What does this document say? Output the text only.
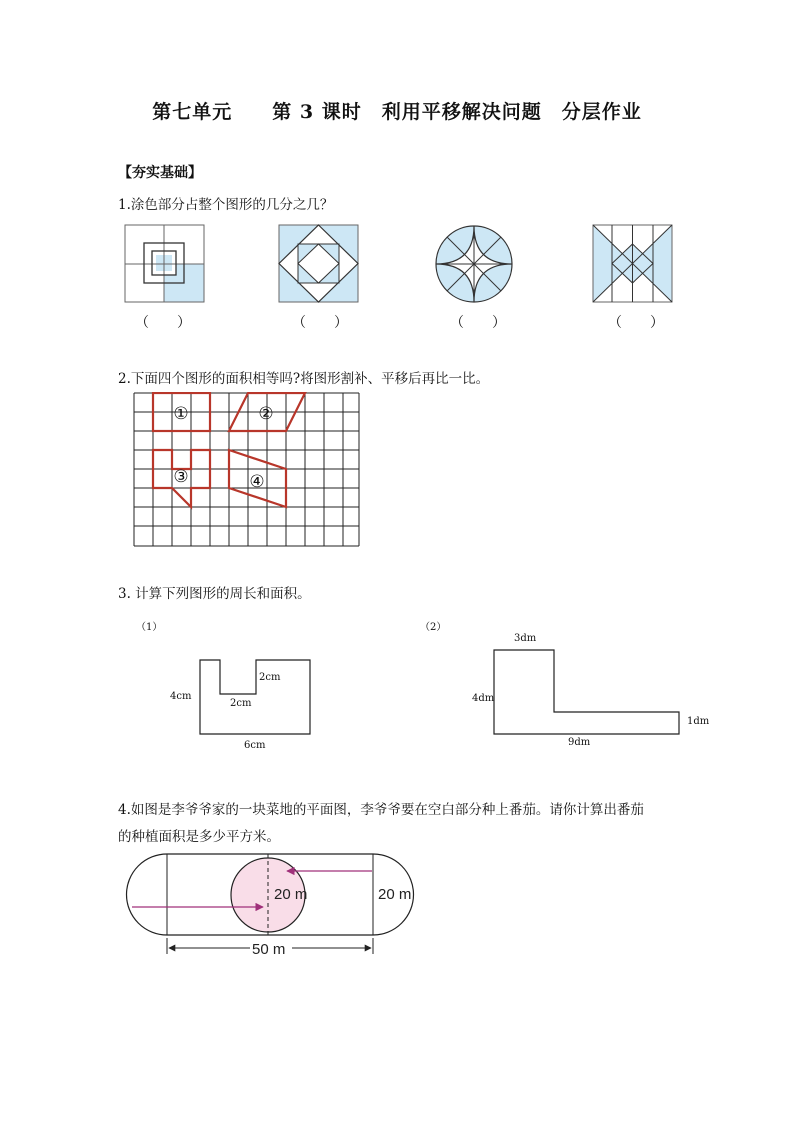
第七单元　　第 3 课时　利用平移解决问题　分层作业
【夯实基础】
1.涂色部分占整个图形的几分之几？
（　　）	（　　）	（　　）	（　　）
2.下面四个图形的面积相等吗?将图形割补、平移后再比一比。
①	②
③	④
3. 计算下列图形的周长和面积。
（1）	（2）
4cm
2cm
2cm
6cm
3dm
4dm
1dm
9dm
4.如图是李爷爷家的一块菜地的平面图，李爷爷要在空白部分种上番茄。请你计算出番茄
的种植面积是多少平方米。
20 m	20 m
50 m
